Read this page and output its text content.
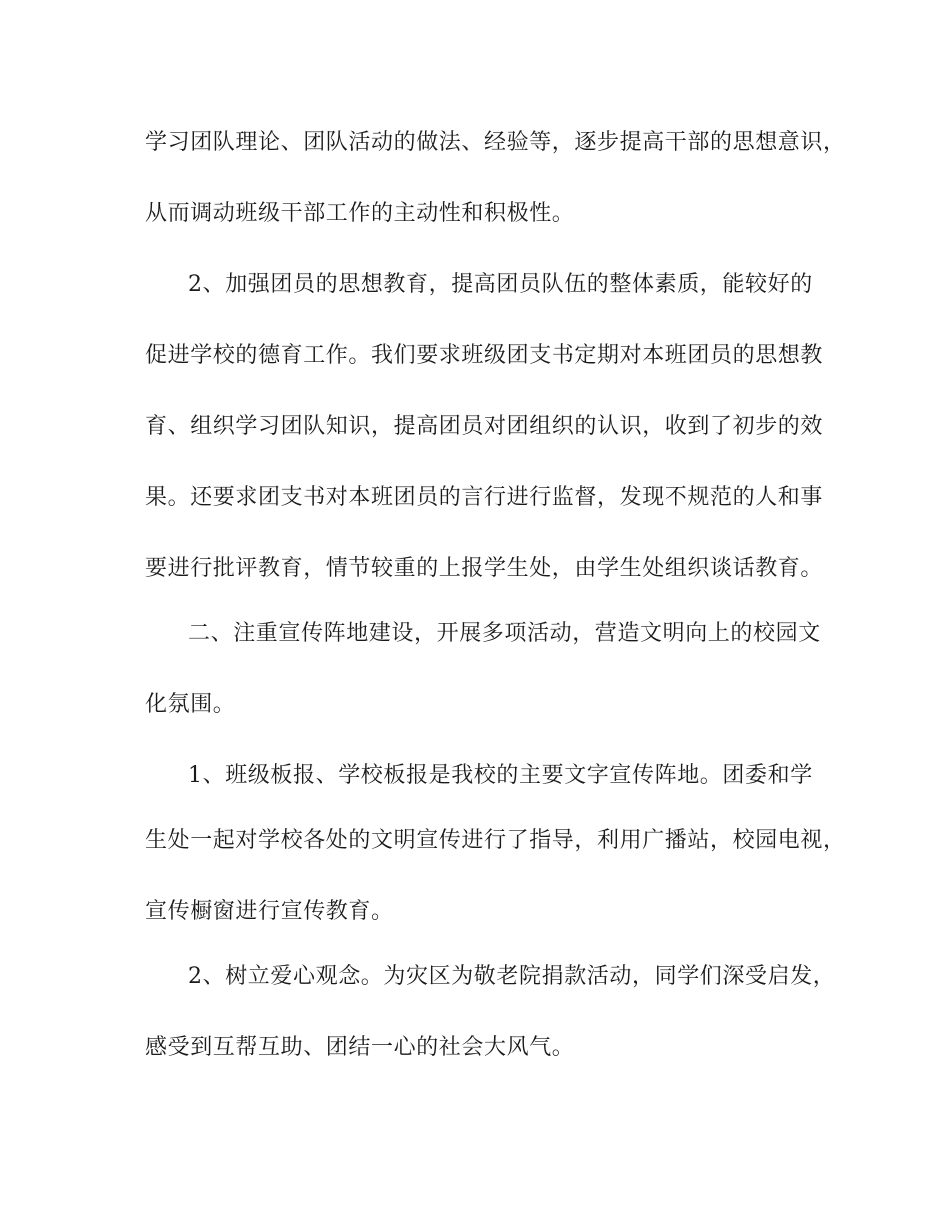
学习团队理论、团队活动的做法、经验等，逐步提高干部的思想意识，
从而调动班级干部工作的主动性和积极性。
2、加强团员的思想教育，提高团员队伍的整体素质，能较好的
促进学校的德育工作。我们要求班级团支书定期对本班团员的思想教
育、组织学习团队知识，提高团员对团组织的认识，收到了初步的效
果。还要求团支书对本班团员的言行进行监督，发现不规范的人和事
要进行批评教育，情节较重的上报学生处，由学生处组织谈话教育。
二、注重宣传阵地建设，开展多项活动，营造文明向上的校园文
化氛围。
1、班级板报、学校板报是我校的主要文字宣传阵地。团委和学
生处一起对学校各处的文明宣传进行了指导，利用广播站，校园电视，
宣传橱窗进行宣传教育。
2、树立爱心观念。为灾区为敬老院捐款活动，同学们深受启发，
感受到互帮互助、团结一心的社会大风气。
